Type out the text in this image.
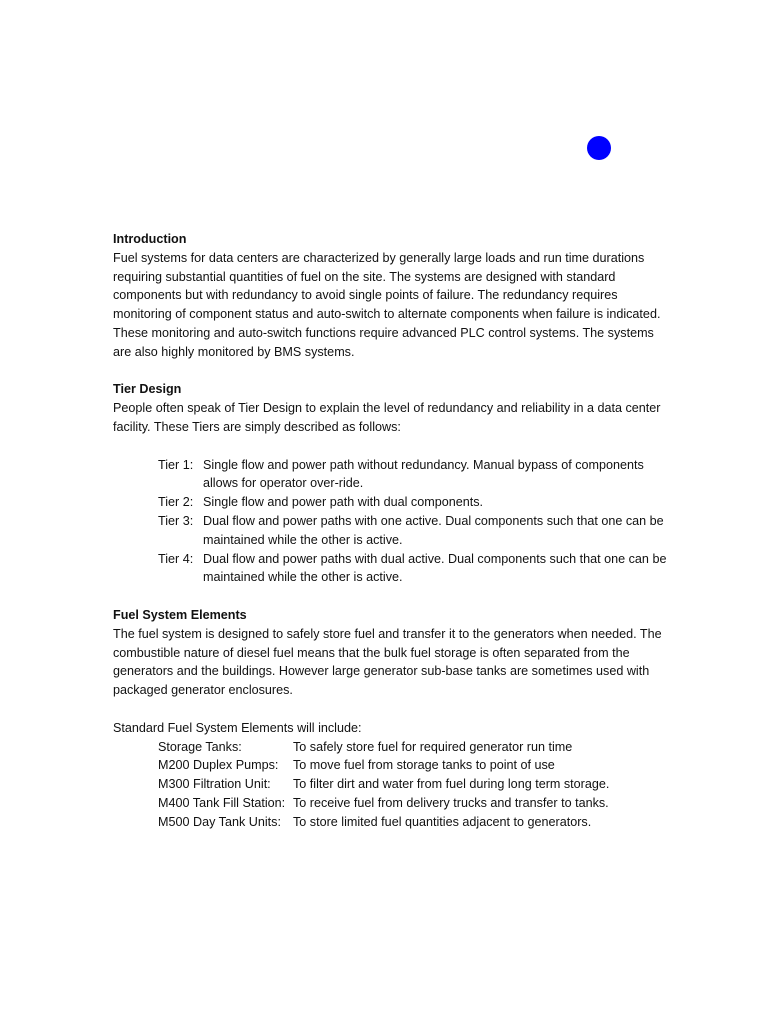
Introduction

Fuel systems for data centers are characterized by generally large loads and run time durations requiring substantial quantities of fuel on the site. The systems are designed with standard components but with redundancy to avoid single points of failure. The redundancy requires monitoring of component status and auto-switch to alternate components when failure is indicated. These monitoring and auto-switch functions require advanced PLC control systems. The systems are also highly monitored by BMS systems.

Tier Design

People often speak of Tier Design to explain the level of redundancy and reliability in a data center facility. These Tiers are simply described as follows:

Tier 1: Single flow and power path without redundancy. Manual bypass of components allows for operator over-ride.
Tier 2: Single flow and power path with dual components.
Tier 3: Dual flow and power paths with one active. Dual components such that one can be maintained while the other is active.
Tier 4: Dual flow and power paths with dual active. Dual components such that one can be maintained while the other is active.

Fuel System Elements

The fuel system is designed to safely store fuel and transfer it to the generators when needed. The combustible nature of diesel fuel means that the bulk fuel storage is often separated from the generators and the buildings. However large generator sub-base tanks are sometimes used with packaged generator enclosures.

Standard Fuel System Elements will include:

Storage Tanks:	To safely store fuel for required generator run time
M200 Duplex Pumps:	To move fuel from storage tanks to point of use
M300 Filtration Unit:	To filter dirt and water from fuel during long term storage.
M400 Tank Fill Station: To receive fuel from delivery trucks and transfer to tanks.
M500 Day Tank Units: To store limited fuel quantities adjacent to generators.
